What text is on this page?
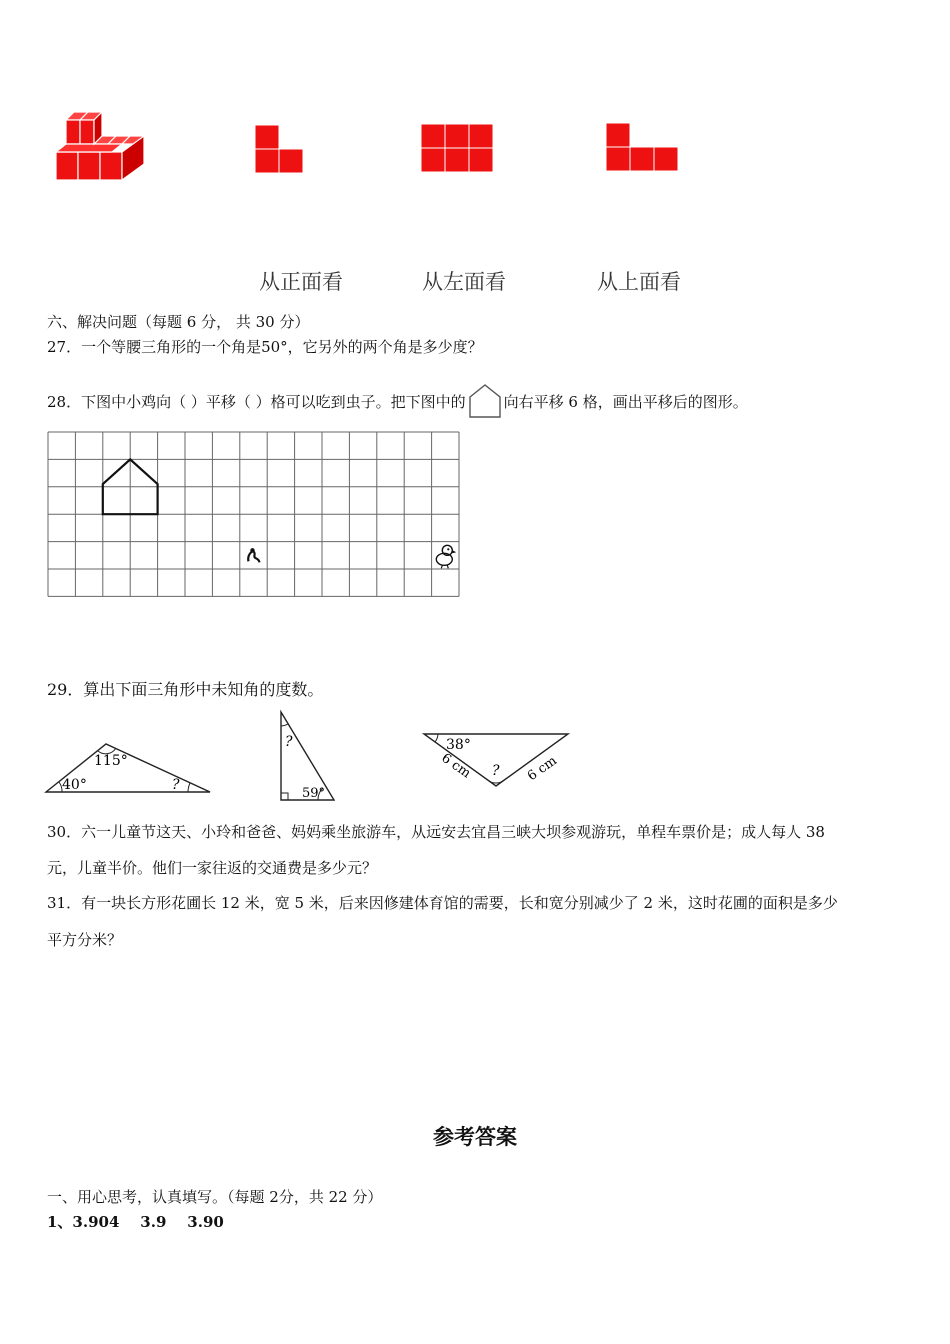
从正面看	从左面看	从上面看
六、解决问题（每题 6 分， 共 30 分）
27．一个等腰三角形的一个角是50°，它另外的两个角是多少度？
28．下图中小鸡向（ ）平移（ ）格可以吃到虫子。把下图中的	向右平移 6 格，画出平移后的图形。
29．算出下面三角形中未知角的度数。
115°
40°	?
?
59°
38°
?
6 cm	6 cm
30．六一儿童节这天、小玲和爸爸、妈妈乘坐旅游车，从远安去宜昌三峡大坝参观游玩，单程车票价是；成人每人 38
元，儿童半价。他们一家往返的交通费是多少元？
31．有一块长方形花圃长 12 米，宽 5 米，后来因修建体育馆的需要，长和宽分别减少了 2 米，这时花圃的面积是多少
平方分米？
参考答案
一、用心思考，认真填写。（每题 2分，共 22 分）
1、3.904    3.9    3.90
